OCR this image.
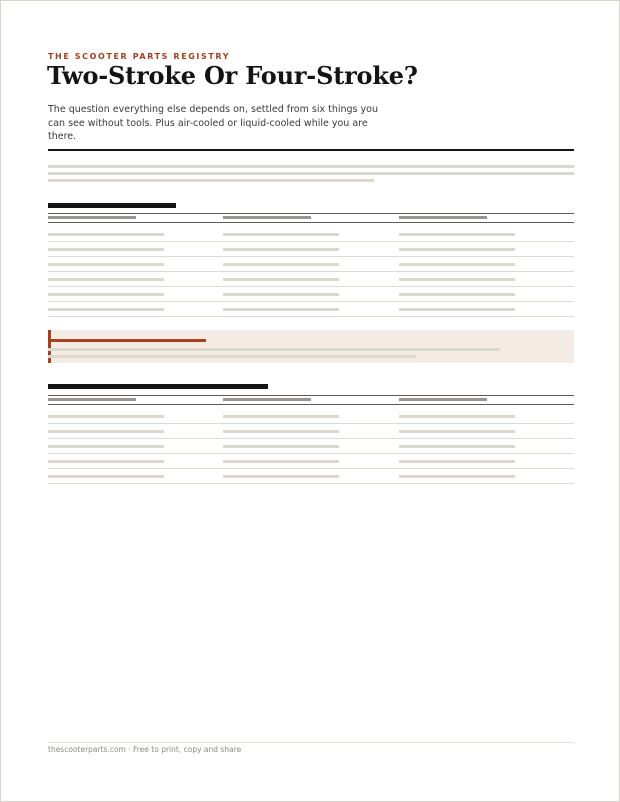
THE SCOOTER PARTS REGISTRY
Two-Stroke Or Four-Stroke?
The question everything else depends on, settled from six things you can see without tools. Plus air-cooled or liquid-cooled while you are there.
thescooterparts.com · Free to print, copy and share
